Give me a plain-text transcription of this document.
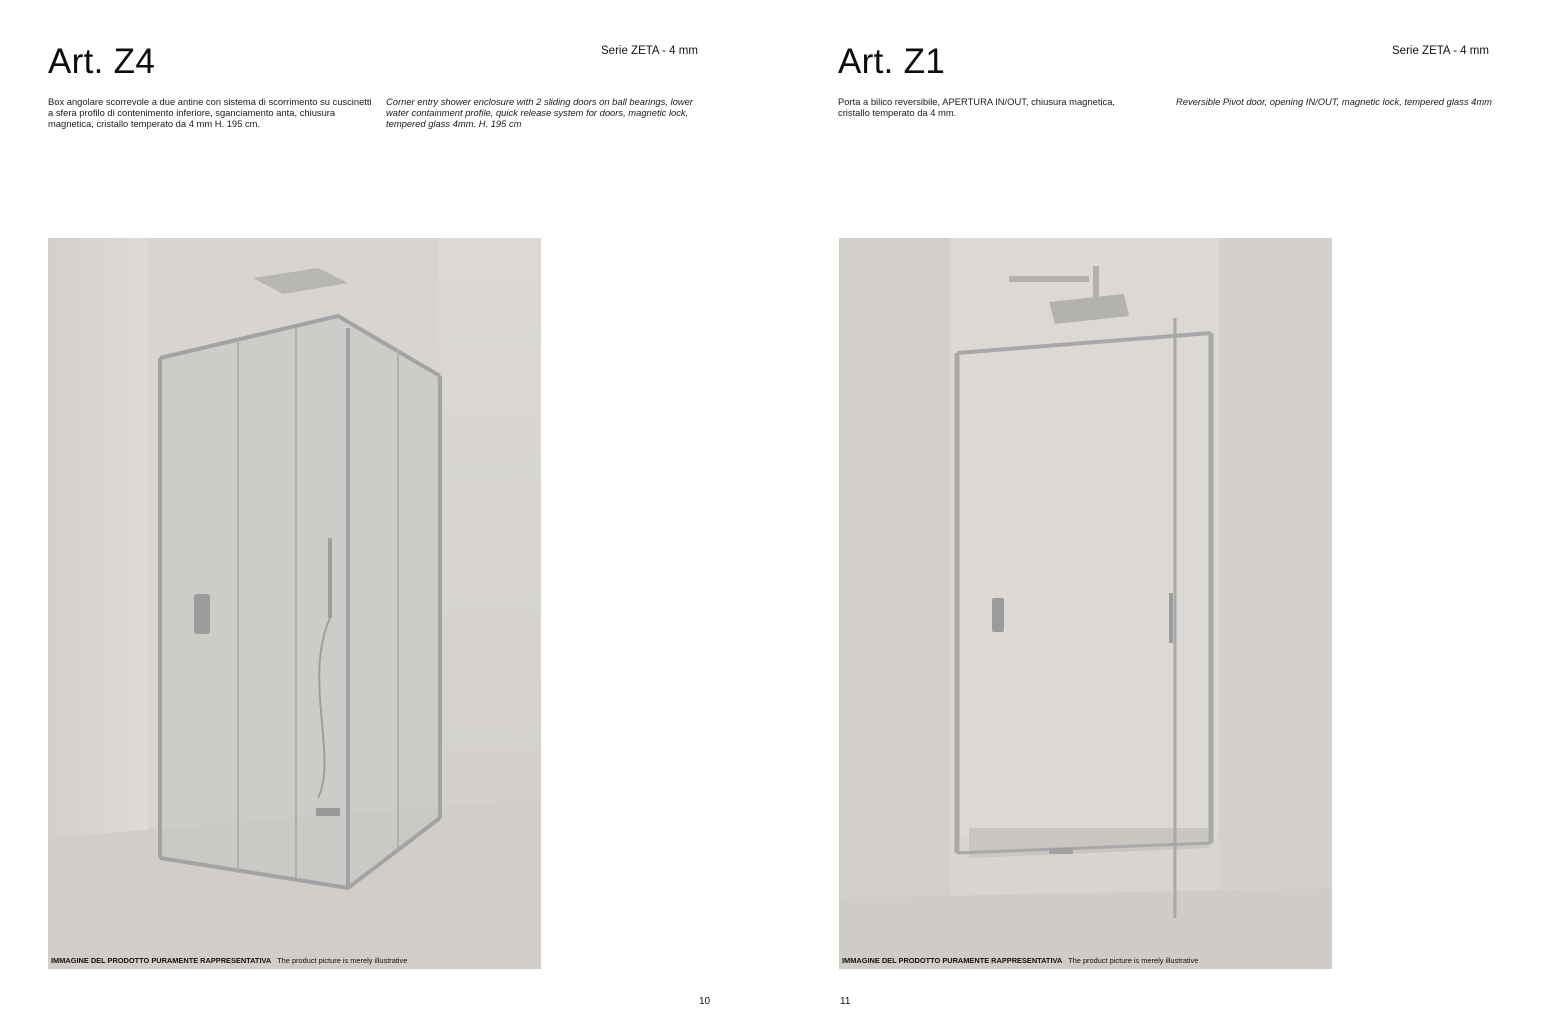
Art. Z4	Serie ZETA - 4 mm

Box angolare scorrevole a due antine con sistema di scorrimento su cuscinetti a sfera profilo di contenimento inferiore, sganciamento anta, chiusura magnetica, cristallo temperato da 4 mm H. 195 cm.

Corner entry shower enclosure with 2 sliding doors on ball bearings, lower water containment profile, quick release system for doors, magnetic lock, tempered glass 4mm. H. 195 cm

IMMAGINE DEL PRODOTTO PURAMENTE RAPPRESENTATIVA The product picture is merely illustrative
10
Art. Z1	Serie ZETA - 4 mm

Porta a bilico reversibile, APERTURA IN/OUT, chiusura magnetica, cristallo temperato da 4 mm.

Reversible Pivot door, opening IN/OUT, magnetic lock, tempered glass 4mm

IMMAGINE DEL PRODOTTO PURAMENTE RAPPRESENTATIVA The product picture is merely illustrative
11
